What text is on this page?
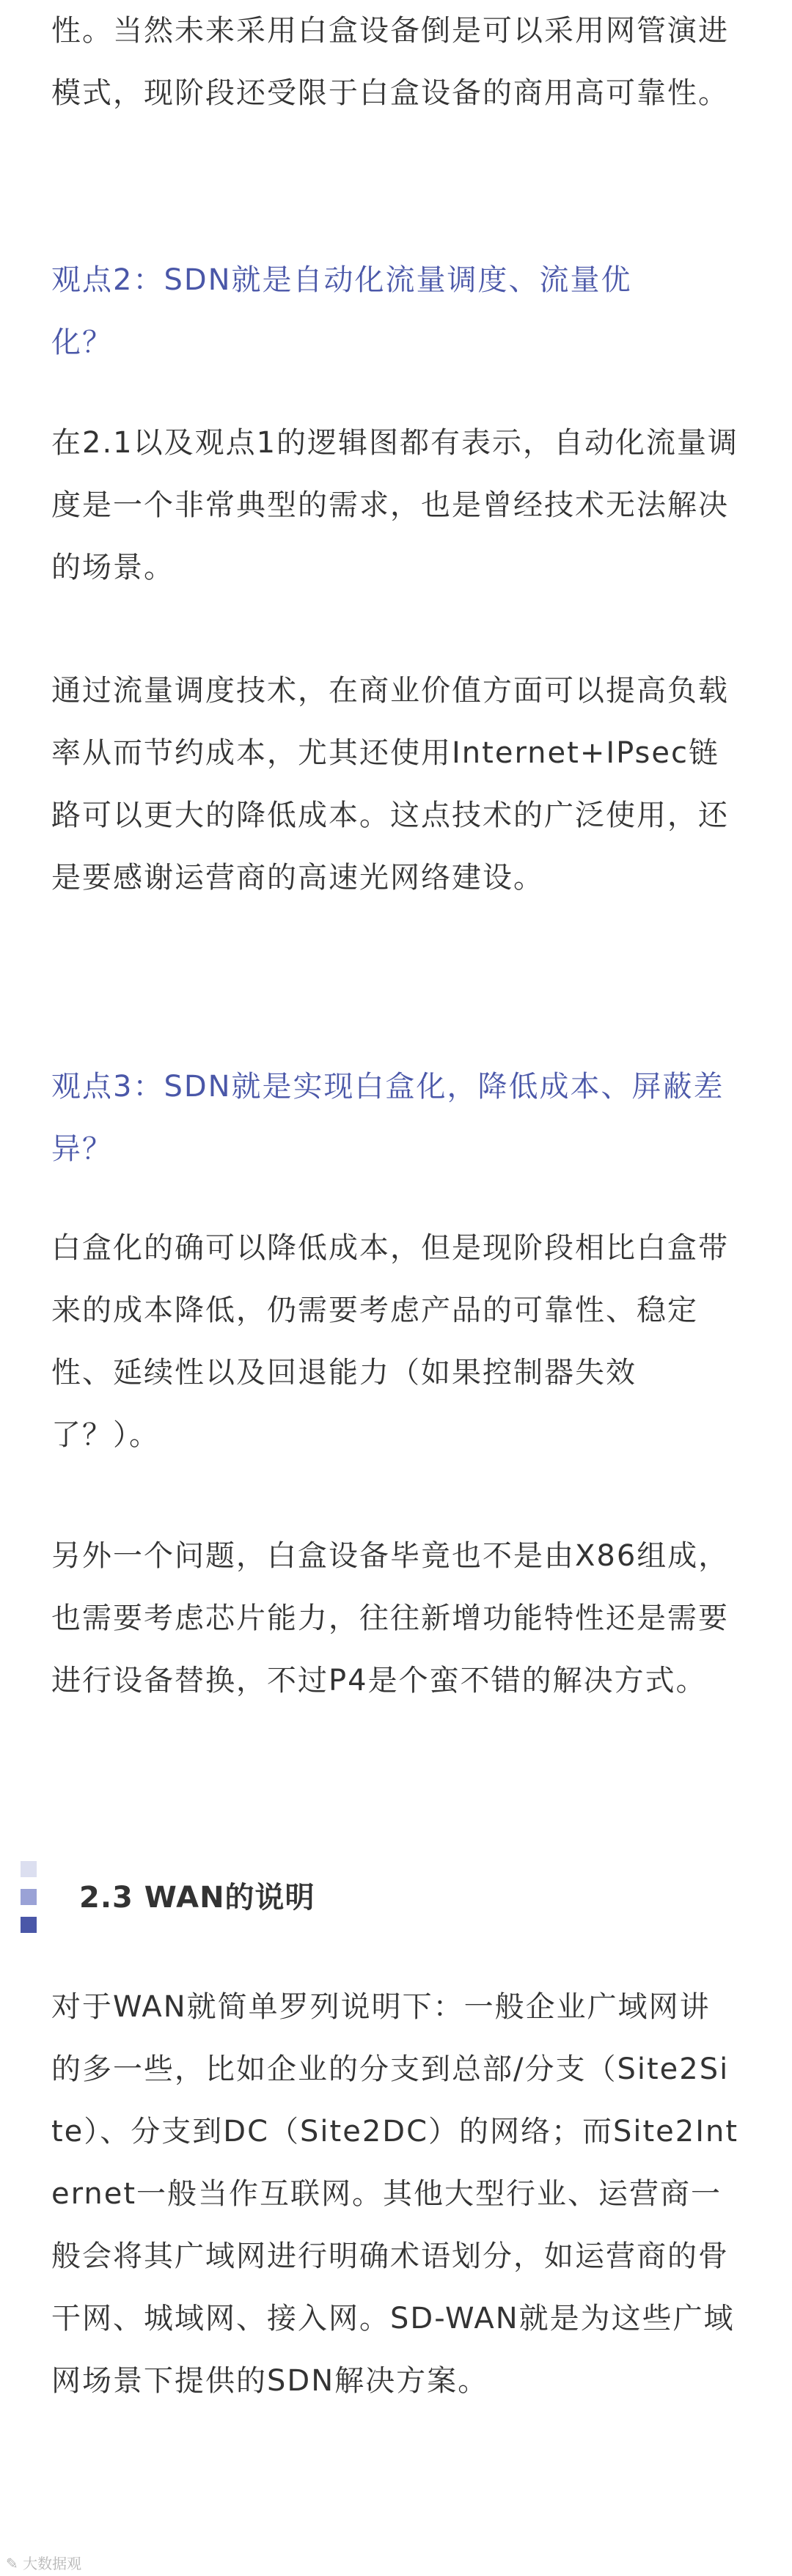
性。当然未来采用白盒设备倒是可以采用网管演进模式，现阶段还受限于白盒设备的商用高可靠性。

观点2：SDN就是自动化流量调度、流量优化？

在2.1以及观点1的逻辑图都有表示，自动化流量调度是一个非常典型的需求，也是曾经技术无法解决的场景。

通过流量调度技术，在商业价值方面可以提高负载率从而节约成本，尤其还使用Internet+IPsec链路可以更大的降低成本。这点技术的广泛使用，还是要感谢运营商的高速光网络建设。

观点3：SDN就是实现白盒化，降低成本、屏蔽差异？

白盒化的确可以降低成本，但是现阶段相比白盒带来的成本降低，仍需要考虑产品的可靠性、稳定性、延续性以及回退能力（如果控制器失效了？）。

另外一个问题，白盒设备毕竟也不是由X86组成，也需要考虑芯片能力，往往新增功能特性还是需要进行设备替换，不过P4是个蛮不错的解决方式。

对于WAN就简单罗列说明下：一般企业广域网讲的多一些，比如企业的分支到总部/分支（Site2Site）、分支到DC（Site2DC）的网络；而Site2Internet一般当作互联网。其他大型行业、运营商一般会将其广域网进行明确术语划分，如运营商的骨干网、城域网、接入网。SD-WAN就是为这些广域网场景下提供的SDN解决方案。

2.3 WAN的说明
✎ 大数据观
